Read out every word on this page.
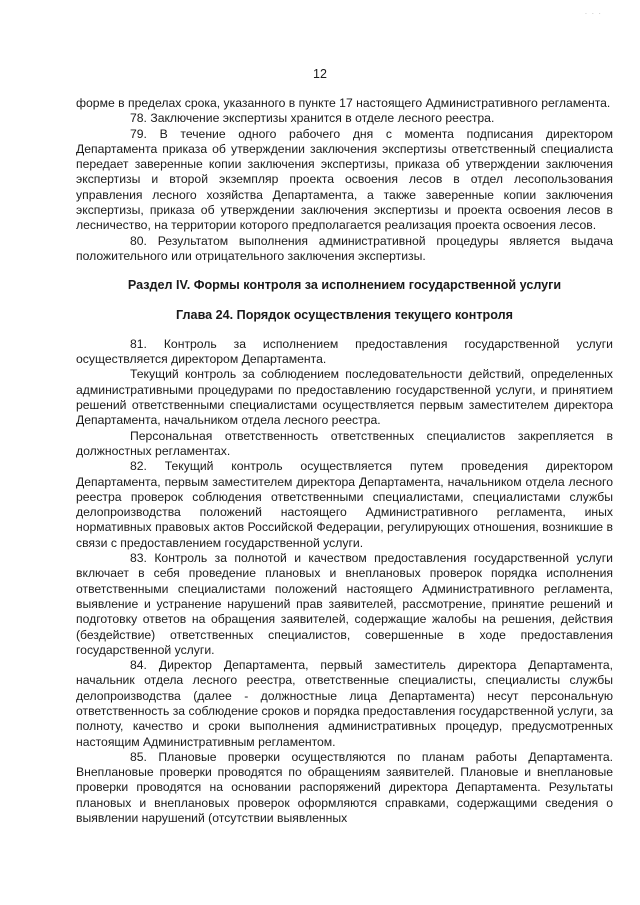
· · ·
12

форме в пределах срока, указанного в пункте 17 настоящего Административного регламента.

78. Заключение экспертизы хранится в отделе лесного реестра.

79. В течение одного рабочего дня с момента подписания директором Департамента приказа об утверждении заключения экспертизы ответственный специалиста передает заверенные копии заключения экспертизы, приказа об утверждении заключения экспертизы и второй экземпляр проекта освоения лесов в отдел лесопользования управления лесного хозяйства Департамента, а также заверенные копии заключения экспертизы, приказа об утверждении заключения экспертизы и проекта освоения лесов в лесничество, на территории которого предполагается реализация проекта освоения лесов.

80. Результатом выполнения административной процедуры является выдача положительного или отрицательного заключения экспертизы.

Раздел IV. Формы контроля за исполнением государственной услуги

Глава 24. Порядок осуществления текущего контроля

81. Контроль за исполнением предоставления государственной услуги осуществляется директором Департамента.

Текущий контроль за соблюдением последовательности действий, определенных административными процедурами по предоставлению государственной услуги, и принятием решений ответственными специалистами осуществляется первым заместителем директора Департамента, начальником отдела лесного реестра.

Персональная ответственность ответственных специалистов закрепляется в должностных регламентах.

82. Текущий контроль осуществляется путем проведения директором Департамента, первым заместителем директора Департамента, начальником отдела лесного реестра проверок соблюдения ответственными специалистами, специалистами службы делопроизводства положений настоящего Административного регламента, иных нормативных правовых актов Российской Федерации, регулирующих отношения, возникшие в связи с предоставлением государственной услуги.

83. Контроль за полнотой и качеством предоставления государственной услуги включает в себя проведение плановых и внеплановых проверок порядка исполнения ответственными специалистами положений настоящего Административного регламента, выявление и устранение нарушений прав заявителей, рассмотрение, принятие решений и подготовку ответов на обращения заявителей, содержащие жалобы на решения, действия (бездействие) ответственных специалистов, совершенные в ходе предоставления государственной услуги.

84. Директор Департамента, первый заместитель директора Департамента, начальник отдела лесного реестра, ответственные специалисты, специалисты службы делопроизводства (далее - должностные лица Департамента) несут персональную ответственность за соблюдение сроков и порядка предоставления государственной услуги, за полноту, качество и сроки выполнения административных процедур, предусмотренных настоящим Административным регламентом.

85. Плановые проверки осуществляются по планам работы Департамента. Внеплановые проверки проводятся по обращениям заявителей. Плановые и внеплановые проверки проводятся на основании распоряжений директора Департамента. Результаты плановых и внеплановых проверок оформляются справками, содержащими сведения о выявлении нарушений (отсутствии выявленных
